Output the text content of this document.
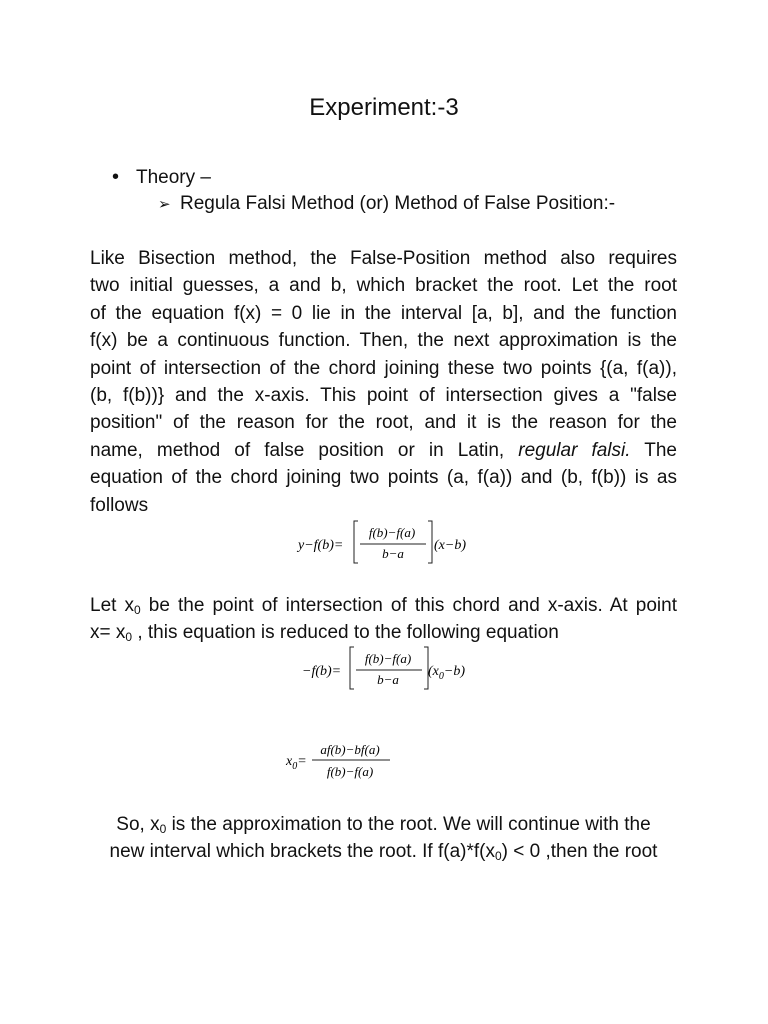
Experiment:-3
• Theory –
➢ Regula Falsi Method (or) Method of False Position:-
Like Bisection method, the False-Position method also requires
two initial guesses, a and b, which bracket the root. Let the root
of the equation f(x) = 0 lie in the interval [a, b], and the function
f(x) be a continuous function. Then, the next approximation is the
point of intersection of the chord joining these two points {(a, f(a)),
(b, f(b))} and the x-axis. This point of intersection gives a "false
position" of the reason for the root, and it is the reason for the
name, method of false position or in Latin, regular falsi. The
equation of the chord joining two points (a, f(a)) and (b, f(b)) is as
follows
y−f(b)=
f(b)−f(a)
b−a
(x−b)
Let $x_0$ be the point of intersection of this chord and x-axis. At point
$x= x_0$ , this equation is reduced to the following equation
−f(b)=
f(b)−f(a)
b−a
$(x_0-b)$
$x_0=$
af(b)−bf(a)
f(b)−f(a)
So, $x_0$ is the approximation to the root. We will continue with the
new interval which brackets the root. If $f(a)*f(x_0) < 0$ ,then the root
